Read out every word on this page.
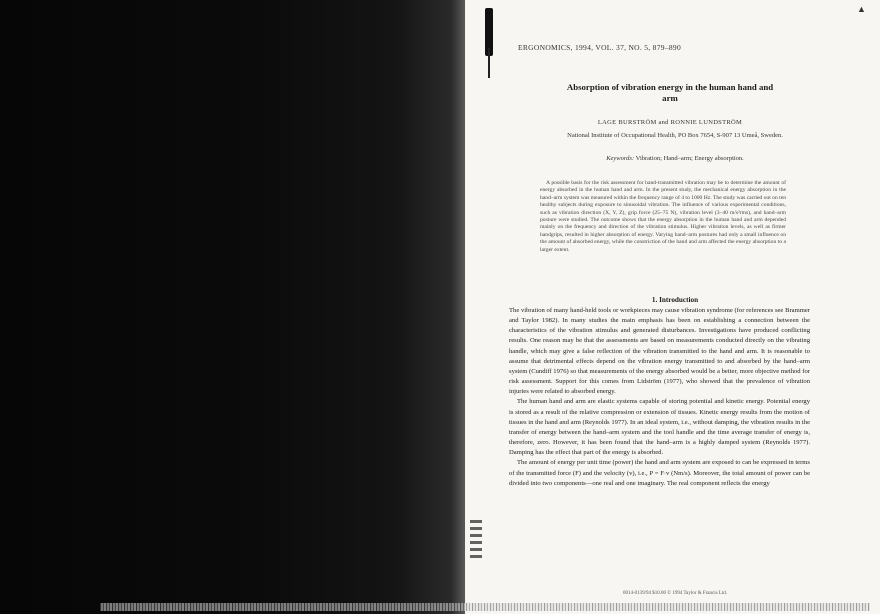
▲
ERGONOMICS, 1994, VOL. 37, NO. 5, 879–890
Absorption of vibration energy in the human hand and arm
LAGE BURSTRÖM and RONNIE LUNDSTRÖM
National Institute of Occupational Health, PO Box 7654, S-907 13 Umeå, Sweden.
Keywords: Vibration; Hand–arm; Energy absorption.

A possible basis for the risk assessment for hand-transmitted vibration may be to determine the amount of energy absorbed in the human hand and arm. In the present study, the mechanical energy absorption in the hand–arm system was measured within the frequency range of 4 to 1000 Hz. The study was carried out on ten healthy subjects during exposure to sinusoidal vibration. The influence of various experimental conditions, such as vibration direction (X, Y, Z), grip force (25–75 N), vibration level (3–40 m/s²rms), and hand–arm posture were studied. The outcome shows that the energy absorption in the human hand and arm depended mainly on the frequency and direction of the vibration stimulus. Higher vibration levels, as well as firmer handgrips, resulted in higher absorption of energy. Varying hand–arm postures had only a small influence on the amount of absorbed energy, while the constriction of the hand and arm affected the energy absorption to a larger extent.

1. Introduction

The vibration of many hand-held tools or workpieces may cause vibration syndrome (for references see Brammer and Taylor 1982). In many studies the main emphasis has been on establishing a connection between the characteristics of the vibration stimulus and generated disturbances. Investigations have produced conflicting results. One reason may be that the assessments are based on measurements conducted directly on the vibrating handle, which may give a false reflection of the vibration transmitted to the hand and arm. It is reasonable to assume that detrimental effects depend on the vibration energy transmitted to and absorbed by the hand–arm system (Cundiff 1976) so that measurements of the energy absorbed would be a better, more objective method for risk assessment. Support for this comes from Lidström (1977), who showed that the prevalence of vibration injuries were related to absorbed energy.

The human hand and arm are elastic systems capable of storing potential and kinetic energy. Potential energy is stored as a result of the relative compression or extension of tissues. Kinetic energy results from the motion of tissues in the hand and arm (Reynolds 1977). In an ideal system, i.e., without damping, the vibration results in the transfer of energy between the hand–arm system and the tool handle and the time average transfer of energy is, therefore, zero. However, it has been found that the hand–arm is a highly damped system (Reynolds 1977). Damping has the effect that part of the energy is absorbed.

The amount of energy per unit time (power) the hand and arm system are exposed to can be expressed in terms of the transmitted force (F) and the velocity (v), i.e., P = F·v (Nm/s). Moreover, the total amount of power can be divided into two components—one real and one imaginary. The real component reflects the energy

0014-0139/94 $10.00 © 1994 Taylor & Francis Ltd.
